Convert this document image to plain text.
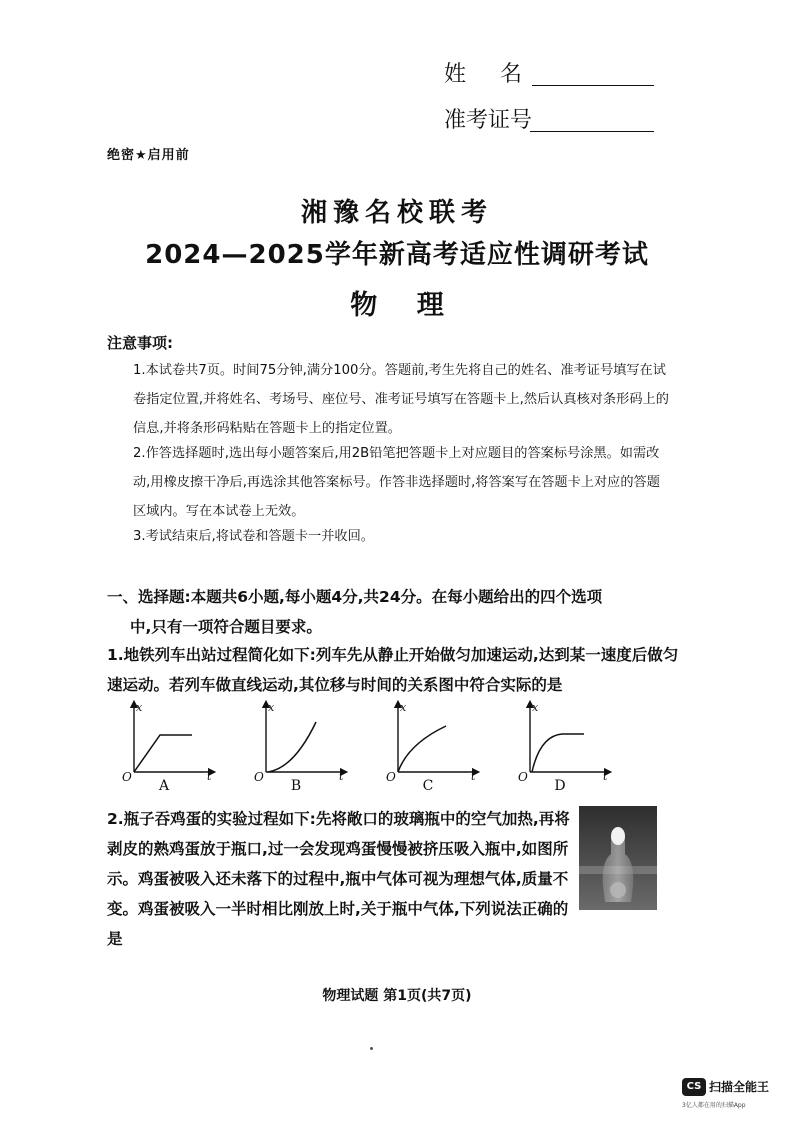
姓名
准考证号
绝密★启用前
湘豫名校联考
2024—2025学年新高考适应性调研考试
物 理
注意事项:
1.本试卷共7页。时间75分钟,满分100分。答题前,考生先将自己的姓名、准考证号填写在试卷指定位置,并将姓名、考场号、座位号、准考证号填写在答题卡上,然后认真核对条形码上的信息,并将条形码粘贴在答题卡上的指定位置。
2.作答选择题时,选出每小题答案后,用2B铅笔把答题卡上对应题目的答案标号涂黑。如需改动,用橡皮擦干净后,再选涂其他答案标号。作答非选择题时,将答案写在答题卡上对应的答题区域内。写在本试卷上无效。
3.考试结束后,将试卷和答题卡一并收回。
一、选择题:本题共6小题,每小题4分,共24分。在每小题给出的四个选项
中,只有一项符合题目要求。
1.地铁列车出站过程简化如下:列车先从静止开始做匀加速运动,达到某一速度后做匀速运动。若列车做直线运动,其位移与时间的关系图中符合实际的是
x
t
O
x
t
O
x
t
O
x
t
O
A	B	C	D
2.瓶子吞鸡蛋的实验过程如下:先将敞口的玻璃瓶中的空气加热,再将剥皮的熟鸡蛋放于瓶口,过一会发现鸡蛋慢慢被挤压吸入瓶中,如图所示。鸡蛋被吸入还未落下的过程中,瓶中气体可视为理想气体,质量不变。鸡蛋被吸入一半时相比刚放上时,关于瓶中气体,下列说法正确的是
物理试题 第1页(共7页)
CS 扫描全能王
3亿人都在用的扫描App
